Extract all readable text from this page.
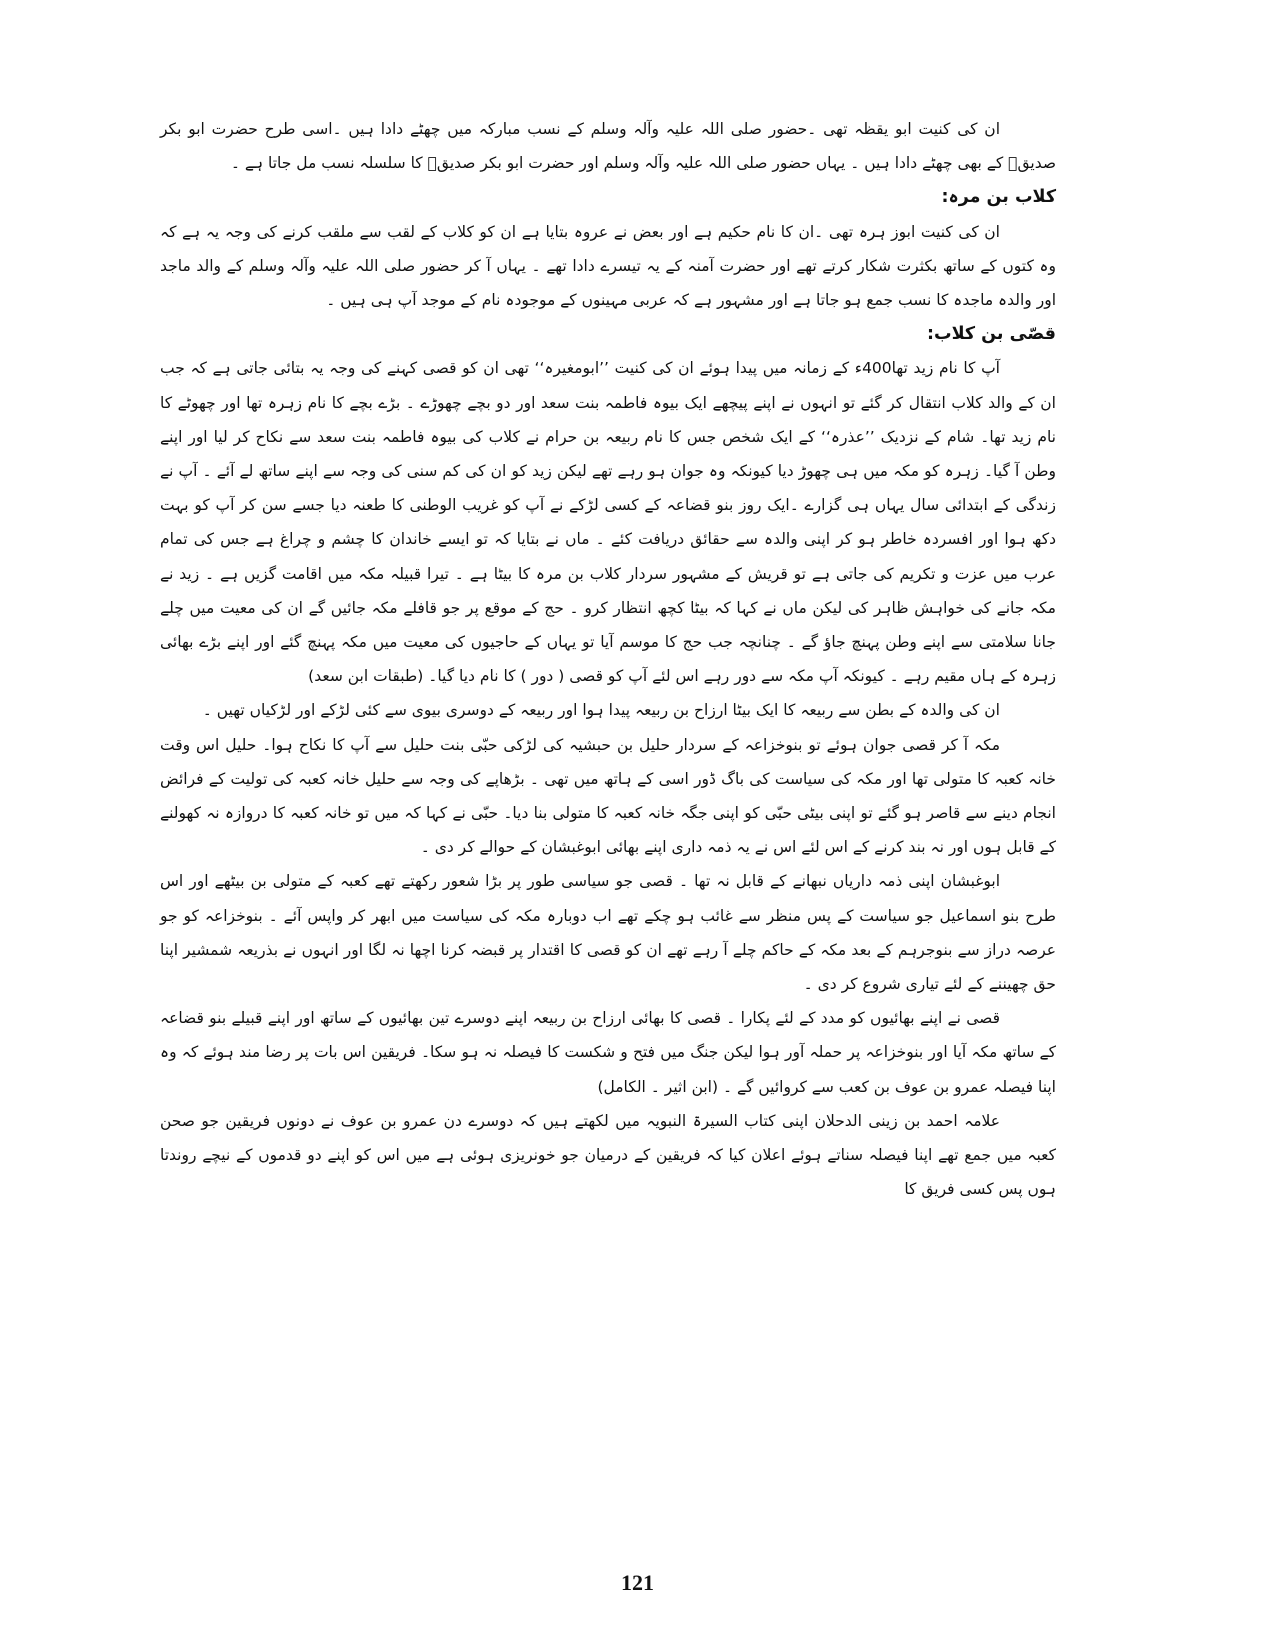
ان کی کنیت ابو یقظہ تھی ۔حضور صلی اللہ علیہ وآلہ وسلم کے نسب مبارکہ میں چھٹے دادا ہیں ۔اسی طرح حضرت ابو بکر صدیقؓ کے بھی چھٹے دادا ہیں ۔ یہاں حضور صلی اللہ علیہ وآلہ وسلم اور حضرت ابو بکر صدیقؓ کا سلسلہ نسب مل جاتا ہے ۔

کلاب بن مرہ:

ان کی کنیت ابوز ہرہ تھی ۔ان کا نام حکیم ہے اور بعض نے عروہ بتایا ہے ان کو کلاب کے لقب سے ملقب کرنے کی وجہ یہ ہے کہ وہ کتوں کے ساتھ بکثرت شکار کرتے تھے اور حضرت آمنہ کے یہ تیسرے دادا تھے ۔ یہاں آ کر حضور صلی اللہ علیہ وآلہ وسلم کے والد ماجد اور والدہ ماجدہ کا نسب جمع ہو جاتا ہے اور مشہور ہے کہ عربی مہینوں کے موجودہ نام کے موجد آپ ہی ہیں ۔

قصّی بن کلاب:

آپ کا نام زید تھا400ء کے زمانہ میں پیدا ہوئے ان کی کنیت ’’ابومغیرہ‘‘ تھی ان کو قصی کہنے کی وجہ یہ بتائی جاتی ہے کہ جب ان کے والد کلاب انتقال کر گئے تو انہوں نے اپنے پیچھے ایک بیوہ فاطمہ بنت سعد اور دو بچے چھوڑے ۔ بڑے بچے کا نام زہرہ تھا اور چھوٹے کا نام زید تھا۔ شام کے نزدیک ’’عذرہ‘‘ کے ایک شخص جس کا نام ربیعہ بن حرام نے کلاب کی بیوہ فاطمہ بنت سعد سے نکاح کر لیا اور اپنے وطن آ گیا۔ زہرہ کو مکہ میں ہی چھوڑ دیا کیونکہ وہ جوان ہو رہے تھے لیکن زید کو ان کی کم سنی کی وجہ سے اپنے ساتھ لے آئے ۔ آپ نے زندگی کے ابتدائی سال یہاں ہی گزارے ۔ایک روز بنو قضاعہ کے کسی لڑکے نے آپ کو غریب الوطنی کا طعنہ دیا جسے سن کر آپ کو بہت دکھ ہوا اور افسردہ خاطر ہو کر اپنی والدہ سے حقائق دریافت کئے ۔ ماں نے بتایا کہ تو ایسے خاندان کا چشم و چراغ ہے جس کی تمام عرب میں عزت و تکریم کی جاتی ہے تو قریش کے مشہور سردار کلاب بن مرہ کا بیٹا ہے ۔ تیرا قبیلہ مکہ میں اقامت گزیں ہے ۔ زید نے مکہ جانے کی خواہش ظاہر کی لیکن ماں نے کہا کہ بیٹا کچھ انتظار کرو ۔ حج کے موقع پر جو قافلے مکہ جائیں گے ان کی معیت میں چلے جانا سلامتی سے اپنے وطن پہنچ جاؤ گے ۔ چنانچہ جب حج کا موسم آیا تو یہاں کے حاجیوں کی معیت میں مکہ پہنچ گئے اور اپنے بڑے بھائی زہرہ کے ہاں مقیم رہے ۔ کیونکہ آپ مکہ سے دور رہے اس لئے آپ کو قصی ( دور ) کا نام دیا گیا۔ (طبقات ابن سعد)

ان کی والدہ کے بطن سے ربیعہ کا ایک بیٹا ارزاح بن ربیعہ پیدا ہوا اور ربیعہ کے دوسری بیوی سے کئی لڑکے اور لڑکیاں تھیں ۔

مکہ آ کر قصی جوان ہوئے تو بنوخزاعہ کے سردار حلیل بن حبشیہ کی لڑکی حبّی بنت حلیل سے آپ کا نکاح ہوا۔ حلیل اس وقت خانہ کعبہ کا متولی تھا اور مکہ کی سیاست کی باگ ڈور اسی کے ہاتھ میں تھی ۔ بڑھاپے کی وجہ سے حلیل خانہ کعبہ کی تولیت کے فرائض انجام دینے سے قاصر ہو گئے تو اپنی بیٹی حبّی کو اپنی جگہ خانہ کعبہ کا متولی بنا دیا۔ حبّی نے کہا کہ میں تو خانہ کعبہ کا دروازہ نہ کھولنے کے قابل ہوں اور نہ بند کرنے کے اس لئے اس نے یہ ذمہ داری اپنے بھائی ابوغبشان کے حوالے کر دی ۔

ابوغبشان اپنی ذمہ داریاں نبھانے کے قابل نہ تھا ۔ قصی جو سیاسی طور پر بڑا شعور رکھتے تھے کعبہ کے متولی بن بیٹھے اور اس طرح بنو اسماعیل جو سیاست کے پس منظر سے غائب ہو چکے تھے اب دوبارہ مکہ کی سیاست میں ابھر کر واپس آئے ۔ بنوخزاعہ کو جو عرصہ دراز سے بنوجرہم کے بعد مکہ کے حاکم چلے آ رہے تھے ان کو قصی کا اقتدار پر قبضہ کرنا اچھا نہ لگا اور انہوں نے بذریعہ شمشیر اپنا حق چھیننے کے لئے تیاری شروع کر دی ۔

قصی نے اپنے بھائیوں کو مدد کے لئے پکارا ۔ قصی کا بھائی ارزاح بن ربیعہ اپنے دوسرے تین بھائیوں کے ساتھ اور اپنے قبیلے بنو قضاعہ کے ساتھ مکہ آیا اور بنوخزاعہ پر حملہ آور ہوا لیکن جنگ میں فتح و شکست کا فیصلہ نہ ہو سکا۔ فریقین اس بات پر رضا مند ہوئے کہ وہ اپنا فیصلہ عمرو بن عوف بن کعب سے کروائیں گے ۔ (ابن اثیر ۔ الکامل)

علامہ احمد بن زینی الدحلان اپنی کتاب السیرۃ النبویہ میں لکھتے ہیں کہ دوسرے دن عمرو بن عوف نے دونوں فریقین جو صحن کعبہ میں جمع تھے اپنا فیصلہ سناتے ہوئے اعلان کیا کہ فریقین کے درمیان جو خونریزی ہوئی ہے میں اس کو اپنے دو قدموں کے نیچے روندتا ہوں پس کسی فریق کا

121
